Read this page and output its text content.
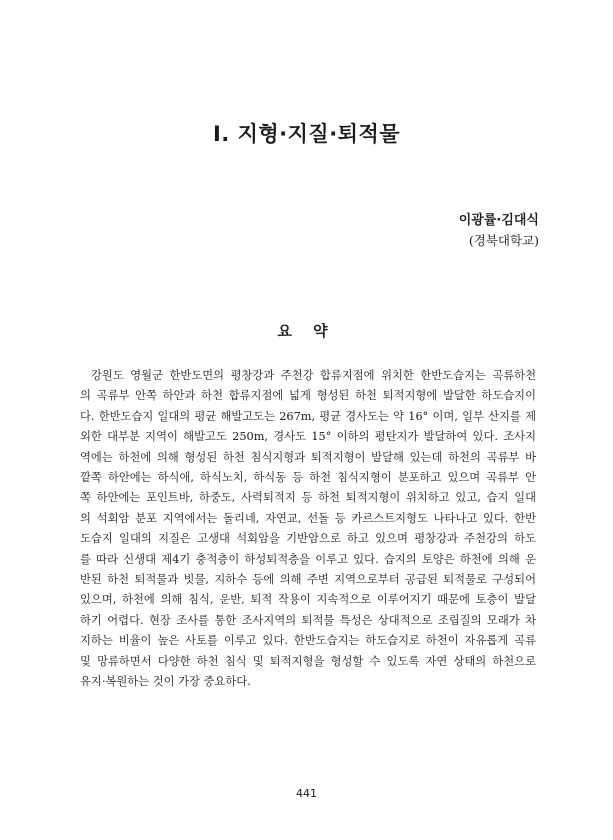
Ⅰ. 지형·지질·퇴적물
이광률·김대식
(경북대학교)
요 약
강원도 영월군 한반도면의 평창강과 주천강 합류지점에 위치한 한반도습지는 곡류하천
의 곡류부 안쪽 하안과 하천 합류지점에 넓게 형성된 하천 퇴적지형에 발달한 하도습지이
다. 한반도습지 일대의 평균 해발고도는 267m, 평균 경사도는 약 16° 이며, 일부 산지를 제
외한 대부분 지역이 해발고도 250m, 경사도 15° 이하의 평탄지가 발달하여 있다. 조사지
역에는 하천에 의해 형성된 하천 침식지형과 퇴적지형이 발달해 있는데 하천의 곡류부 바
깥쪽 하안에는 하식애, 하식노치, 하식동 등 하천 침식지형이 분포하고 있으며 곡류부 안
쪽 하안에는 포인트바, 하중도, 사력퇴적지 등 하천 퇴적지형이 위치하고 있고, 습지 일대
의 석회암 분포 지역에서는 돌리네, 자연교, 선돌 등 카르스트지형도 나타나고 있다. 한반
도습지 일대의 지질은 고생대 석회암을 기반암으로 하고 있으며 평창강과 주천강의 하도
를 따라 신생대 제4기 충적층이 하성퇴적층을 이루고 있다. 습지의 토양은 하천에 의해 운
반된 하천 퇴적물과 빗물, 지하수 등에 의해 주변 지역으로부터 공급된 퇴적물로 구성되어
있으며, 하천에 의해 침식, 운반, 퇴적 작용이 지속적으로 이루어지기 때문에 토층이 발달
하기 어렵다. 현장 조사를 통한 조사지역의 퇴적물 특성은 상대적으로 조립질의 모래가 차
지하는 비율이 높은 사토를 이루고 있다. 한반도습지는 하도습지로 하천이 자유롭게 곡류
및 망류하면서 다양한 하천 침식 및 퇴적지형을 형성할 수 있도록 자연 상태의 하천으로
유지·복원하는 것이 가장 중요하다.
441
